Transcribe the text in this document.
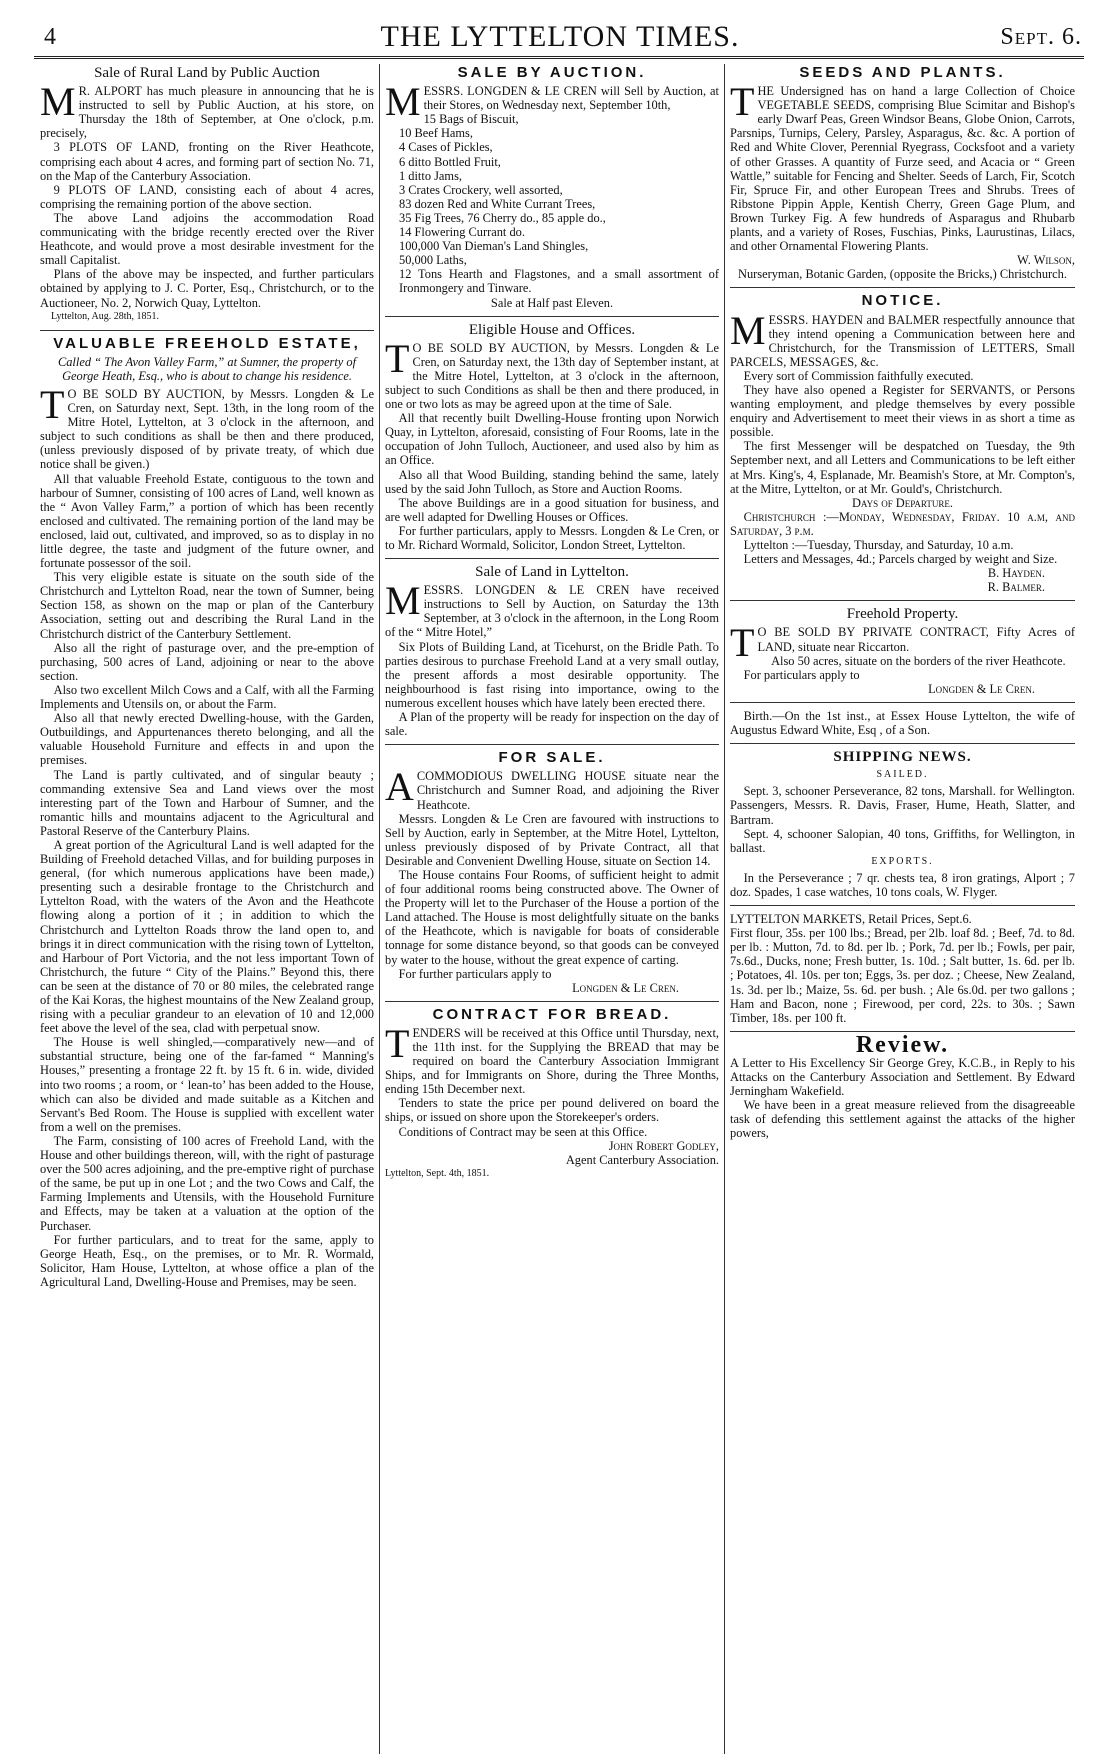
4	THE LYTTELTON TIMES.	Sept. 6.
Sale of Rural Land by Public Auction

M R. ALPORT has much pleasure in announcing that he is instructed to sell by Public Auction, at his store, on Thursday the 18th of September, at One o'clock, p.m. precisely,

3 PLOTS OF LAND, fronting on the River Heathcote, comprising each about 4 acres, and forming part of section No. 71, on the Map of the Canterbury Association.

9 PLOTS OF LAND, consisting each of about 4 acres, comprising the remaining portion of the above section.

The above Land adjoins the accommodation Road communicating with the bridge recently erected over the River Heathcote, and would prove a most desirable investment for the small Capitalist.

Plans of the above may be inspected, and further particulars obtained by applying to J. C. Porter, Esq., Christchurch, or to the Auctioneer, No. 2, Norwich Quay, Lyttelton.

Lyttelton, Aug. 28th, 1851.

VALUABLE FREEHOLD ESTATE,
Called “ The Avon Valley Farm,” at Sumner, the property of George Heath, Esq., who is about to change his residence.

T O BE SOLD BY AUCTION, by Messrs. Longden & Le Cren, on Saturday next, Sept. 13th, in the long room of the Mitre Hotel, Lyttelton, at 3 o'clock in the afternoon, and subject to such conditions as shall be then and there produced, (unless previously disposed of by private treaty, of which due notice shall be given.)

All that valuable Freehold Estate, contiguous to the town and harbour of Sumner, consisting of 100 acres of Land, well known as the “ Avon Valley Farm,” a portion of which has been recently enclosed and cultivated. The remaining portion of the land may be enclosed, laid out, cultivated, and improved, so as to display in no little degree, the taste and judgment of the future owner, and fortunate possessor of the soil.

This very eligible estate is situate on the south side of the Christchurch and Lyttelton Road, near the town of Sumner, being Section 158, as shown on the map or plan of the Canterbury Association, setting out and describing the Rural Land in the Christchurch district of the Canterbury Settlement.

Also all the right of pasturage over, and the pre-emption of purchasing, 500 acres of Land, adjoining or near to the above section.

Also two excellent Milch Cows and a Calf, with all the Farming Implements and Utensils on, or about the Farm.

Also all that newly erected Dwelling-house, with the Garden, Outbuildings, and Appurtenances thereto belonging, and all the valuable Household Furniture and effects in and upon the premises.

The Land is partly cultivated, and of singular beauty ; commanding extensive Sea and Land views over the most interesting part of the Town and Harbour of Sumner, and the romantic hills and mountains adjacent to the Agricultural and Pastoral Reserve of the Canterbury Plains.

A great portion of the Agricultural Land is well adapted for the Building of Freehold detached Villas, and for building purposes in general, (for which numerous applications have been made,) presenting such a desirable frontage to the Christchurch and Lyttelton Road, with the waters of the Avon and the Heathcote flowing along a portion of it ; in addition to which the Christchurch and Lyttelton Roads throw the land open to, and brings it in direct communication with the rising town of Lyttelton, and Harbour of Port Victoria, and the not less important Town of Christchurch, the future “ City of the Plains.” Beyond this, there can be seen at the distance of 70 or 80 miles, the celebrated range of the Kai Koras, the highest mountains of the New Zealand group, rising with a peculiar grandeur to an elevation of 10 and 12,000 feet above the level of the sea, clad with perpetual snow.

The House is well shingled,—comparatively new—and of substantial structure, being one of the far-famed “ Manning's Houses,” presenting a frontage 22 ft. by 15 ft. 6 in. wide, divided into two rooms ; a room, or ‘ lean-to’ has been added to the House, which can also be divided and made suitable as a Kitchen and Servant's Bed Room. The House is supplied with excellent water from a well on the premises.

The Farm, consisting of 100 acres of Freehold Land, with the House and other buildings thereon, will, with the right of pasturage over the 500 acres adjoining, and the pre-emptive right of purchase of the same, be put up in one Lot ; and the two Cows and Calf, the Farming Implements and Utensils, with the Household Furniture and Effects, may be taken at a valuation at the option of the Purchaser.

For further particulars, and to treat for the same, apply to George Heath, Esq., on the premises, or to Mr. R. Wormald, Solicitor, Ham House, Lyttelton, at whose office a plan of the Agricultural Land, Dwelling-House and Premises, may be seen.

SALE BY AUCTION.

MESSRS. LONGDEN & LE CREN will Sell by Auction, at their Stores, on Wednesday next, September 10th,

15 Bags of Biscuit,
10 Beef Hams,
4 Cases of Pickles,
6 ditto Bottled Fruit,
1 ditto Jams,
3 Crates Crockery, well assorted,
83 dozen Red and White Currant Trees,
35 Fig Trees, 76 Cherry do., 85 apple do.,
14 Flowering Currant do.
100,000 Van Dieman's Land Shingles,
50,000 Laths,
12 Tons Hearth and Flagstones, and a small assortment of Ironmongery and Tinware.
Sale at Half past Eleven.
Eligible House and Offices.

T O BE SOLD BY AUCTION, by Messrs. Longden & Le Cren, on Saturday next, the 13th day of September instant, at the Mitre Hotel, Lyttelton, at 3 o'clock in the afternoon, subject to such Conditions as shall be then and there produced, in one or two lots as may be agreed upon at the time of Sale.

All that recently built Dwelling-House fronting upon Norwich Quay, in Lyttelton, aforesaid, consisting of Four Rooms, late in the occupation of John Tulloch, Auctioneer, and used also by him as an Office.

Also all that Wood Building, standing behind the same, lately used by the said John Tulloch, as Store and Auction Rooms.

The above Buildings are in a good situation for business, and are well adapted for Dwelling Houses or Offices.

For further particulars, apply to Messrs. Longden & Le Cren, or to Mr. Richard Wormald, Solicitor, London Street, Lyttelton.

Sale of Land in Lyttelton.

MESSRS. LONGDEN & LE CREN have received instructions to Sell by Auction, on Saturday the 13th September, at 3 o'clock in the afternoon, in the Long Room of the “ Mitre Hotel,”

Six Plots of Building Land, at Ticehurst, on the Bridle Path. To parties desirous to purchase Freehold Land at a very small outlay, the present affords a most desirable opportunity. The neighbourhood is fast rising into importance, owing to the numerous excellent houses which have lately been erected there.

A Plan of the property will be ready for inspection on the day of sale.

FOR SALE.

ACOMMODIOUS DWELLING HOUSE situate near the Christchurch and Sumner Road, and adjoining the River Heathcote.

Messrs. Longden & Le Cren are favoured with instructions to Sell by Auction, early in September, at the Mitre Hotel, Lyttelton, unless previously disposed of by Private Contract, all that Desirable and Convenient Dwelling House, situate on Section 14.

The House contains Four Rooms, of sufficient height to admit of four additional rooms being constructed above. The Owner of the Property will let to the Purchaser of the House a portion of the Land attached. The House is most delightfully situate on the banks of the Heathcote, which is navigable for boats of considerable tonnage for some distance beyond, so that goods can be conveyed by water to the house, without the great expence of carting.

For further particulars apply to

Longden & Le Cren.
CONTRACT FOR BREAD.

TENDERS will be received at this Office until Thursday, next, the 11th inst. for the Supplying the BREAD that may be required on board the Canterbury Association Immigrant Ships, and for Immigrants on Shore, during the Three Months, ending 15th December next.

Tenders to state the price per pound delivered on board the ships, or issued on shore upon the Storekeeper's orders.

Conditions of Contract may be seen at this Office.

John Robert Godley,
Agent Canterbury Association.
Lyttelton, Sept. 4th, 1851.
SEEDS AND PLANTS.

THE Undersigned has on hand a large Collection of Choice VEGETABLE SEEDS, comprising Blue Scimitar and Bishop's early Dwarf Peas, Green Windsor Beans, Globe Onion, Carrots, Parsnips, Turnips, Celery, Parsley, Asparagus, &c. &c. A portion of Red and White Clover, Perennial Ryegrass, Cocksfoot and a variety of other Grasses. A quantity of Furze seed, and Acacia or “ Green Wattle,” suitable for Fencing and Shelter. Seeds of Larch, Fir, Scotch Fir, Spruce Fir, and other European Trees and Shrubs. Trees of Ribstone Pippin Apple, Kentish Cherry, Green Gage Plum, and Brown Turkey Fig. A few hundreds of Asparagus and Rhubarb plants, and a variety of Roses, Fuschias, Pinks, Laurustinas, Lilacs, and other Ornamental Flowering Plants.

W. Wilson,
Nurseryman, Botanic Garden, (opposite the Bricks,) Christchurch.
NOTICE.

MESSRS. HAYDEN and BALMER respectfully announce that they intend opening a Communication between here and Christchurch, for the Transmission of LETTERS, Small PARCELS, MESSAGES, &c.

Every sort of Commission faithfully executed.

They have also opened a Register for SERVANTS, or Persons wanting employment, and pledge themselves by every possible enquiry and Advertisement to meet their views in as short a time as possible.

The first Messenger will be despatched on Tuesday, the 9th September next, and all Letters and Communications to be left either at Mrs. King's, 4, Esplanade, Mr. Beamish's Store, at Mr. Compton's, at the Mitre, Lyttelton, or at Mr. Gould's, Christchurch.

Days of Departure.

Christchurch :—Monday, Wednesday, Friday. 10 a.m, and Saturday, 3 p.m.

Lyttelton :—Tuesday, Thursday, and Saturday, 10 a.m.

Letters and Messages, 4d.; Parcels charged by weight and Size.

B. Hayden.
R. Balmer.
Freehold Property.

T O BE SOLD BY PRIVATE CONTRACT, Fifty Acres of LAND, situate near Riccarton.

Also 50 acres, situate on the borders of the river Heathcote.

For particulars apply to

Longden & Le Cren.

Birth.—On the 1st inst., at Essex House Lyttelton, the wife of Augustus Edward White, Esq , of a Son.

SHIPPING NEWS.
SAILED.

Sept. 3, schooner Perseverance, 82 tons, Marshall. for Wellington. Passengers, Messrs. R. Davis, Fraser, Hume, Heath, Slatter, and Bartram.

Sept. 4, schooner Salopian, 40 tons, Griffiths, for Wellington, in ballast.

EXPORTS.

In the Perseverance ; 7 qr. chests tea, 8 iron gratings, Alport ; 7 doz. Spades, 1 case watches, 10 tons coals, W. Flyger.

LYTTELTON MARKETS, Retail Prices, Sept.6.

First flour, 35s. per 100 lbs.; Bread, per 2lb. loaf 8d. ; Beef, 7d. to 8d. per lb. : Mutton, 7d. to 8d. per lb. ; Pork, 7d. per lb.; Fowls, per pair, 7s.6d., Ducks, none; Fresh butter, 1s. 10d. ; Salt butter, 1s. 6d. per lb. ; Potatoes, 4l. 10s. per ton; Eggs, 3s. per doz. ; Cheese, New Zealand, 1s. 3d. per lb.; Maize, 5s. 6d. per bush. ; Ale 6s.0d. per two gallons ; Ham and Bacon, none ; Firewood, per cord, 22s. to 30s. ; Sawn Timber, 18s. per 100 ft.

Review.

A Letter to His Excellency Sir George Grey, K.C.B., in Reply to his Attacks on the Canterbury Association and Settlement. By Edward Jerningham Wakefield.

We have been in a great measure relieved from the disagreeable task of defending this settlement against the attacks of the higher powers,
